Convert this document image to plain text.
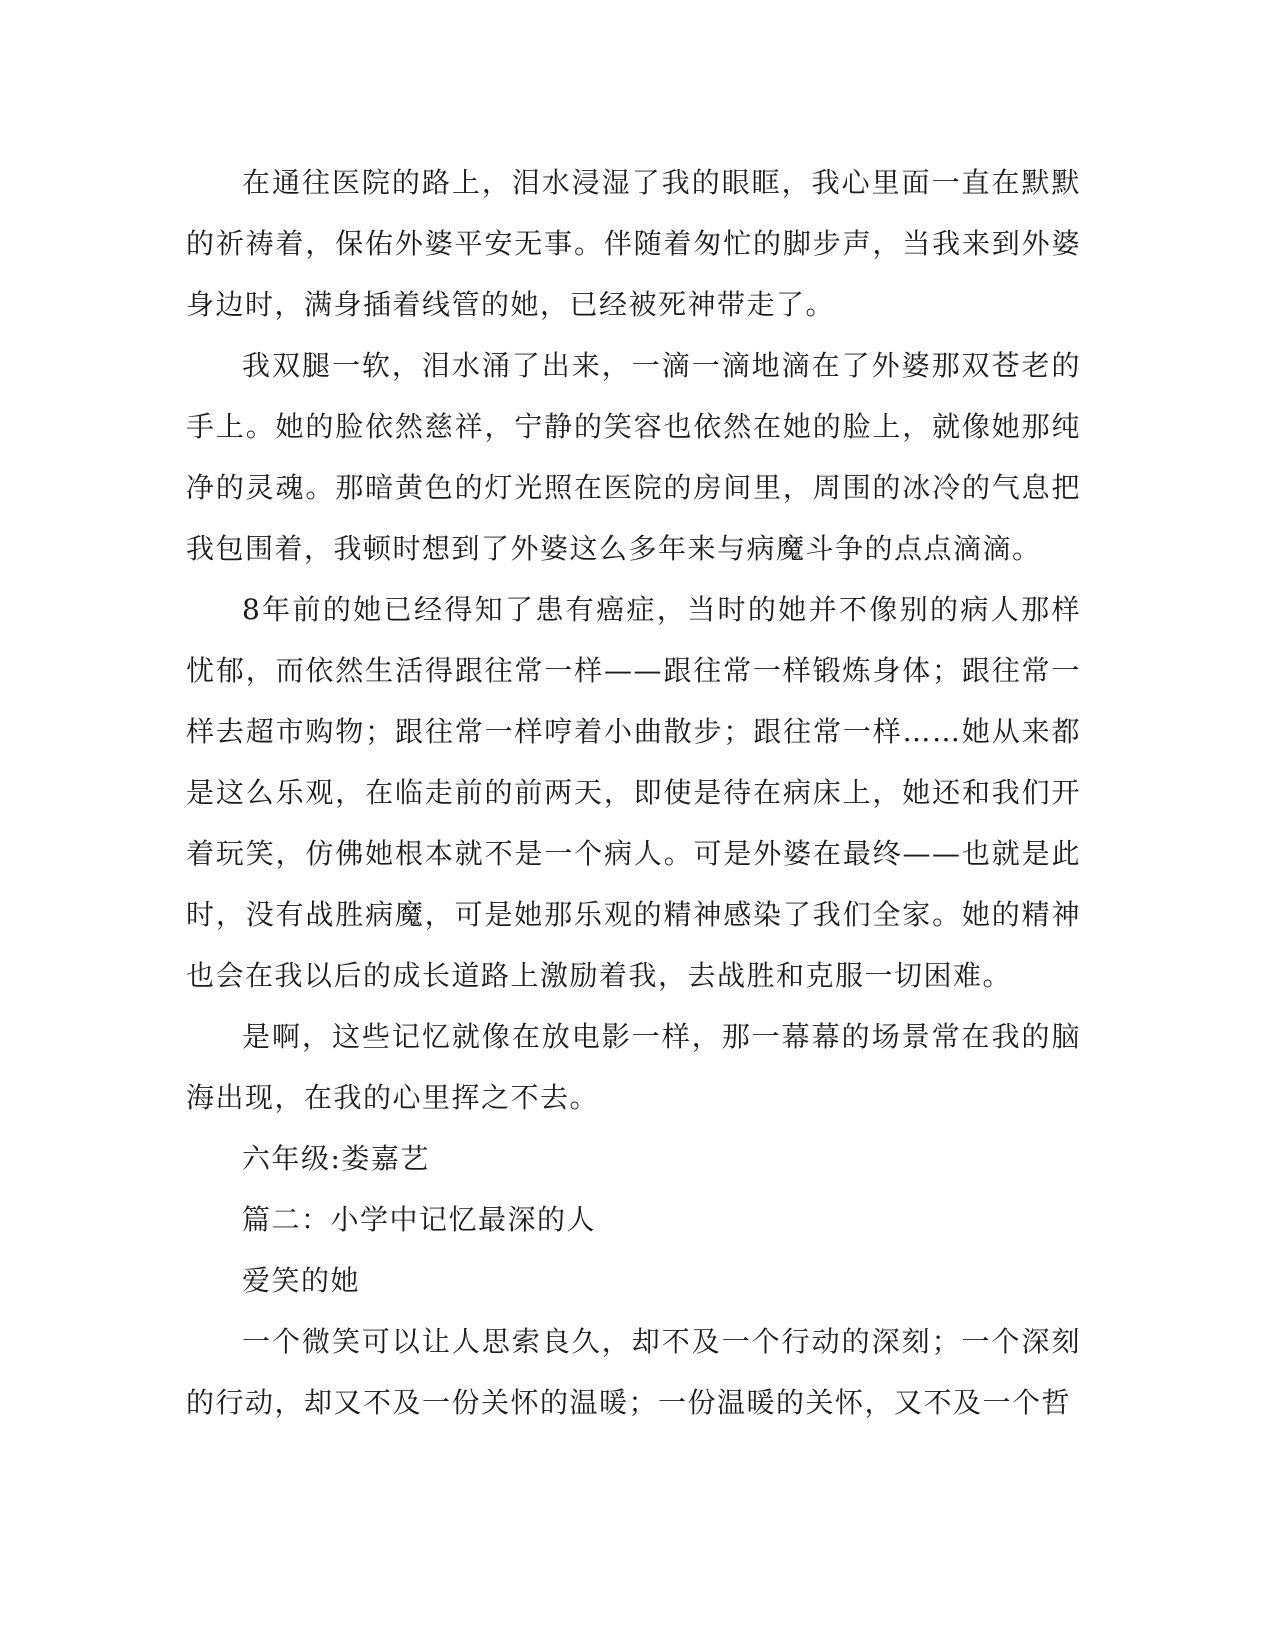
在通往医院的路上，泪水浸湿了我的眼眶，我心里面一直在默默的祈祷着，保佑外婆平安无事。伴随着匆忙的脚步声，当我来到外婆身边时，满身插着线管的她，已经被死神带走了。

我双腿一软，泪水涌了出来，一滴一滴地滴在了外婆那双苍老的手上。她的脸依然慈祥，宁静的笑容也依然在她的脸上，就像她那纯净的灵魂。那暗黄色的灯光照在医院的房间里，周围的冰冷的气息把我包围着，我顿时想到了外婆这么多年来与病魔斗争的点点滴滴。

8年前的她已经得知了患有癌症，当时的她并不像别的病人那样忧郁，而依然生活得跟往常一样——跟往常一样锻炼身体；跟往常一样去超市购物；跟往常一样哼着小曲散步；跟往常一样……她从来都是这么乐观，在临走前的前两天，即使是待在病床上，她还和我们开着玩笑，仿佛她根本就不是一个病人。可是外婆在最终——也就是此时，没有战胜病魔，可是她那乐观的精神感染了我们全家。她的精神也会在我以后的成长道路上激励着我，去战胜和克服一切困难。

是啊，这些记忆就像在放电影一样，那一幕幕的场景常在我的脑海出现，在我的心里挥之不去。

六年级:娄嘉艺

篇二：小学中记忆最深的人

爱笑的她

一个微笑可以让人思索良久，却不及一个行动的深刻；一个深刻的行动，却又不及一份关怀的温暖；一份温暖的关怀，又不及一个哲
